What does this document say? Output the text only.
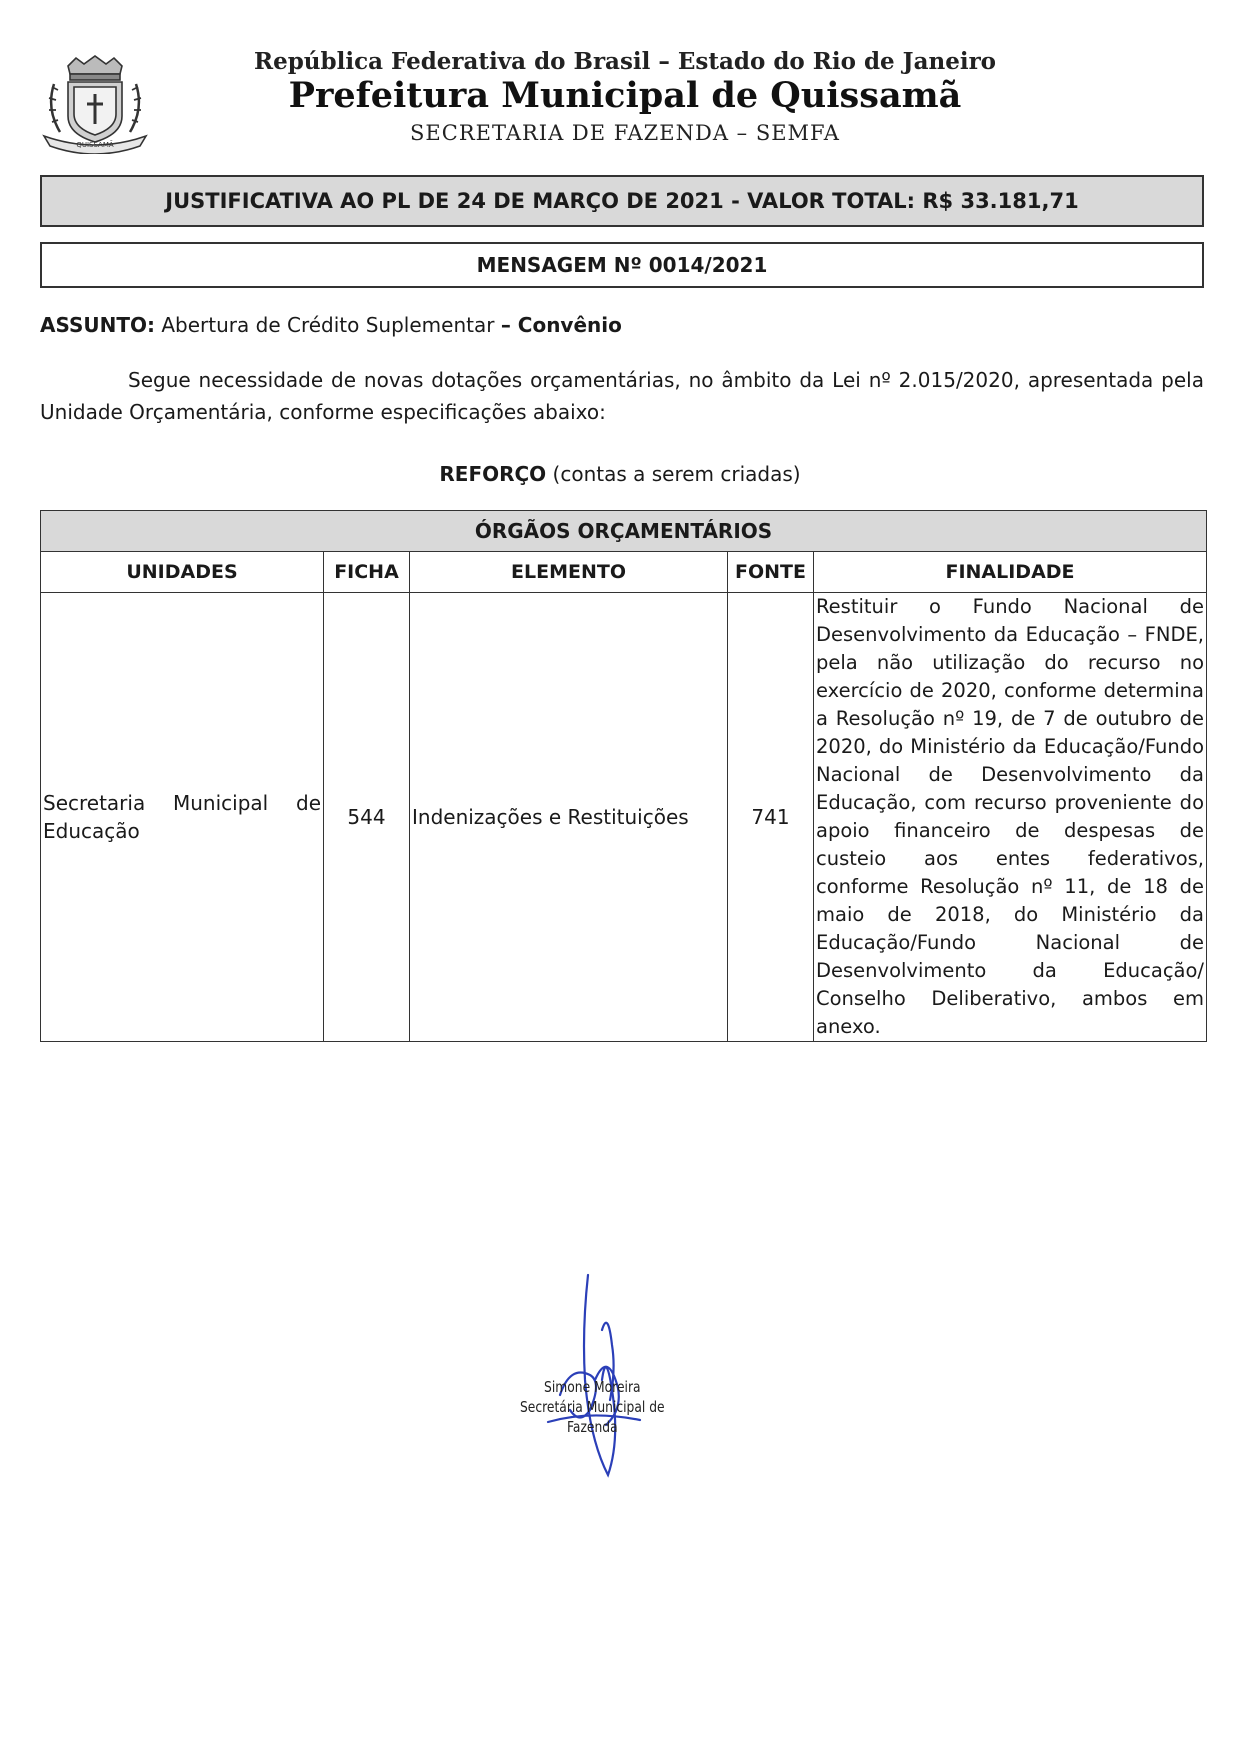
QUISSAMÃ
República Federativa do Brasil – Estado do Rio de Janeiro
Prefeitura Municipal de Quissamã
SECRETARIA DE FAZENDA – SEMFA
JUSTIFICATIVA AO PL DE 24 DE MARÇO DE 2021 - VALOR TOTAL: R$ 33.181,71
MENSAGEM Nº 0014/2021
ASSUNTO: Abertura de Crédito Suplementar – Convênio
Segue necessidade de novas dotações orçamentárias, no âmbito da Lei nº 2.015/2020, apresentada pela Unidade Orçamentária, conforme especificações abaixo:
REFORÇO (contas a serem criadas)
ÓRGÃOS ORÇAMENTÁRIOS				
UNIDADES	FICHA	ELEMENTO	FONTE	FINALIDADE
Secretaria Municipal de Educação	544	Indenizações e Restituições	741	Restituir o Fundo Nacional de Desenvolvimento da Educação – FNDE, pela não utilização do recurso no exercício de 2020, conforme determina a Resolução nº 19, de 7 de outubro de 2020, do Ministério da Educação/Fundo Nacional de Desenvolvimento da Educação, com recurso proveniente do apoio financeiro de despesas de custeio aos entes federativos, conforme Resolução nº 11, de 18 de maio de 2018, do Ministério da Educação/Fundo Nacional de Desenvolvimento da Educação/ Conselho Deliberativo, ambos em anexo.
Simone Moreira
Secretária Municipal de Fazenda
